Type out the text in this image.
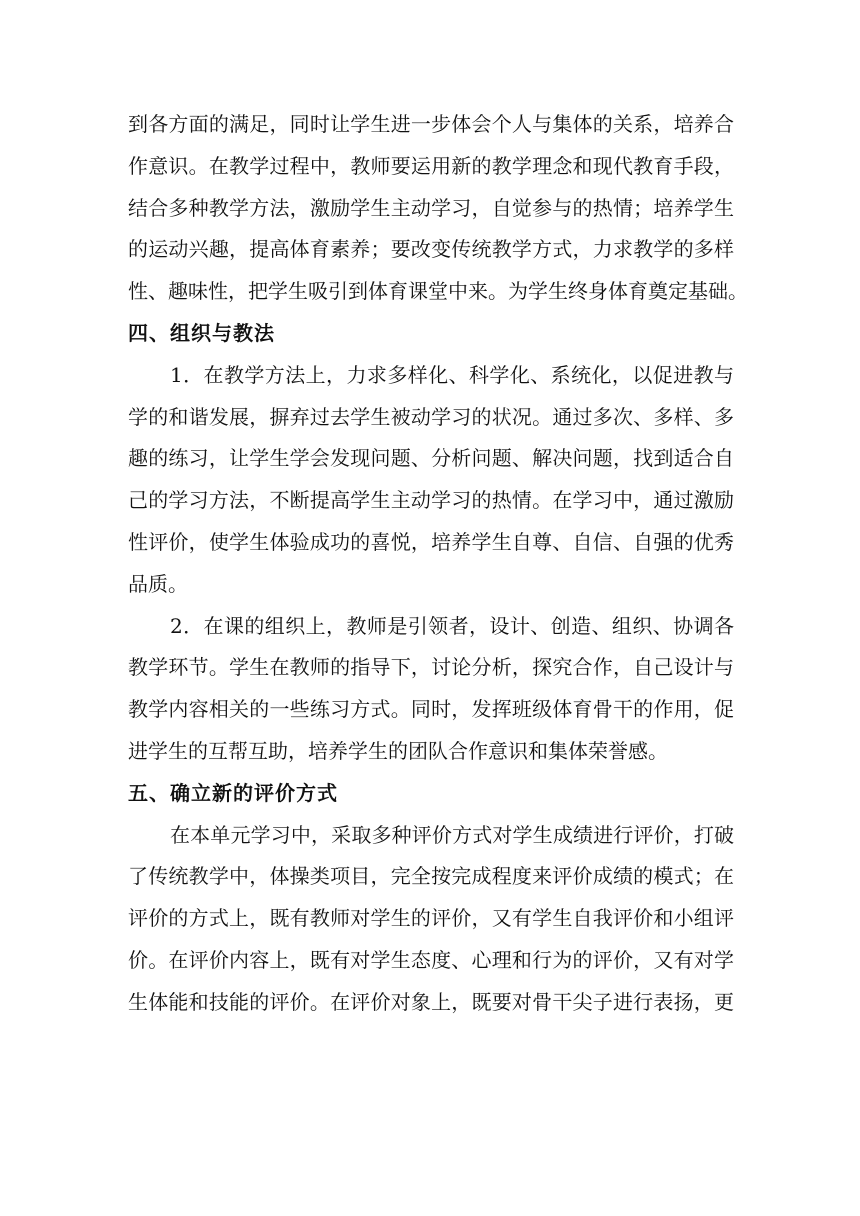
到各方面的满足，同时让学生进一步体会个人与集体的关系，培养合
作意识。在教学过程中，教师要运用新的教学理念和现代教育手段，
结合多种教学方法，激励学生主动学习，自觉参与的热情；培养学生
的运动兴趣，提高体育素养；要改变传统教学方式，力求教学的多样
性、趣味性，把学生吸引到体育课堂中来。为学生终身体育奠定基础。
四、组织与教法
1．在教学方法上，力求多样化、科学化、系统化，以促进教与
学的和谐发展，摒弃过去学生被动学习的状况。通过多次、多样、多
趣的练习，让学生学会发现问题、分析问题、解决问题，找到适合自
己的学习方法，不断提高学生主动学习的热情。在学习中，通过激励
性评价，使学生体验成功的喜悦，培养学生自尊、自信、自强的优秀
品质。
2．在课的组织上，教师是引领者，设计、创造、组织、协调各
教学环节。学生在教师的指导下，讨论分析，探究合作，自己设计与
教学内容相关的一些练习方式。同时，发挥班级体育骨干的作用，促
进学生的互帮互助，培养学生的团队合作意识和集体荣誉感。
五、确立新的评价方式
在本单元学习中，采取多种评价方式对学生成绩进行评价，打破
了传统教学中，体操类项目，完全按完成程度来评价成绩的模式；在
评价的方式上，既有教师对学生的评价，又有学生自我评价和小组评
价。在评价内容上，既有对学生态度、心理和行为的评价，又有对学
生体能和技能的评价。在评价对象上，既要对骨干尖子进行表扬，更
